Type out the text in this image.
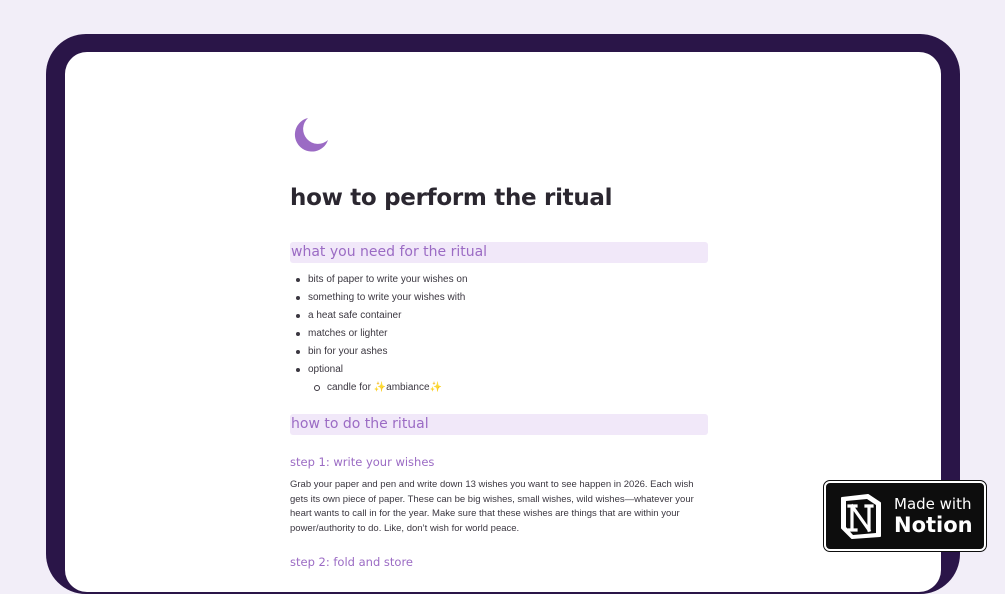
how to perform the ritual
what you need for the ritual
bits of paper to write your wishes on
something to write your wishes with
a heat safe container
matches or lighter
bin for your ashes
optional
candle for ✨ambiance✨
how to do the ritual
step 1: write your wishes

Grab your paper and pen and write down 13 wishes you want to see happen in 2026. Each wish gets its own piece of paper. These can be big wishes, small wishes, wild wishes—whatever your heart wants to call in for the year. Make sure that these wishes are things that are within your power/authority to do. Like, don’t wish for world peace.

step 2: fold and store
Made with
Notion
